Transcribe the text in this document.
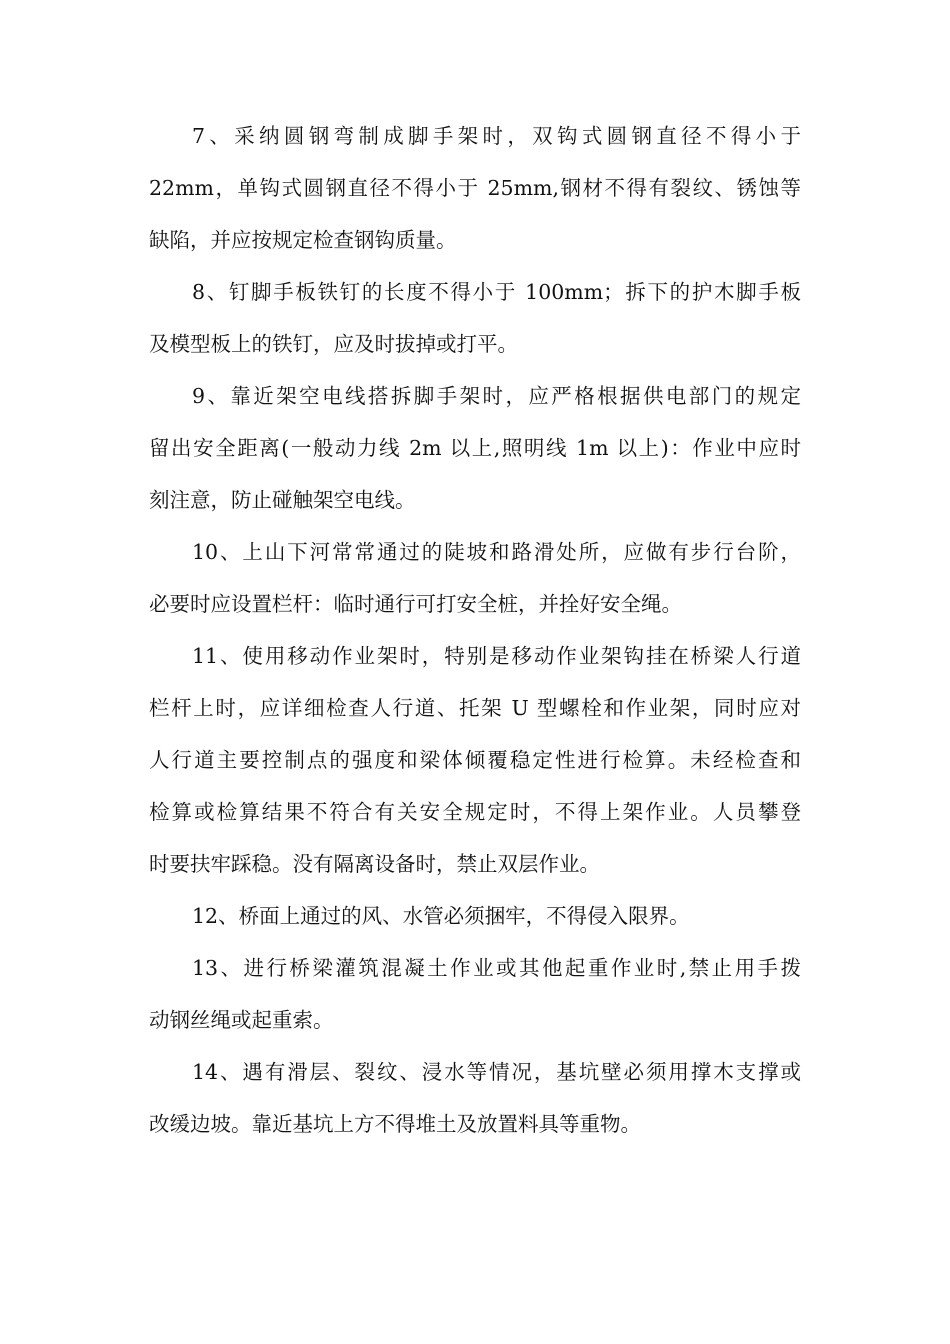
7、采纳圆钢弯制成脚手架时，双钩式圆钢直径不得小于
22mm，单钩式圆钢直径不得小于 25mm,钢材不得有裂纹、锈蚀等
缺陷，并应按规定检查钢钩质量。

8、钉脚手板铁钉的长度不得小于 100mm；拆下的护木脚手板
及模型板上的铁钉，应及时拔掉或打平。

9、靠近架空电线搭拆脚手架时，应严格根据供电部门的规定
留出安全距离(一般动力线 2m 以上,照明线 1m 以上)：作业中应时
刻注意，防止碰触架空电线。

10、上山下河常常通过的陡坡和路滑处所，应做有步行台阶，
必要时应设置栏杆：临时通行可打安全桩，并拴好安全绳。

11、使用移动作业架时，特别是移动作业架钩挂在桥梁人行道
栏杆上时，应详细检查人行道、托架 U 型螺栓和作业架，同时应对
人行道主要控制点的强度和梁体倾覆稳定性进行检算。未经检查和
检算或检算结果不符合有关安全规定时，不得上架作业。人员攀登
时要扶牢踩稳。没有隔离设备时，禁止双层作业。

12、桥面上通过的风、水管必须捆牢，不得侵入限界。

13、进行桥梁灌筑混凝土作业或其他起重作业时,禁止用手拨
动钢丝绳或起重索。

14、遇有滑层、裂纹、浸水等情况，基坑壁必须用撑木支撑或
改缓边坡。靠近基坑上方不得堆土及放置料具等重物。
